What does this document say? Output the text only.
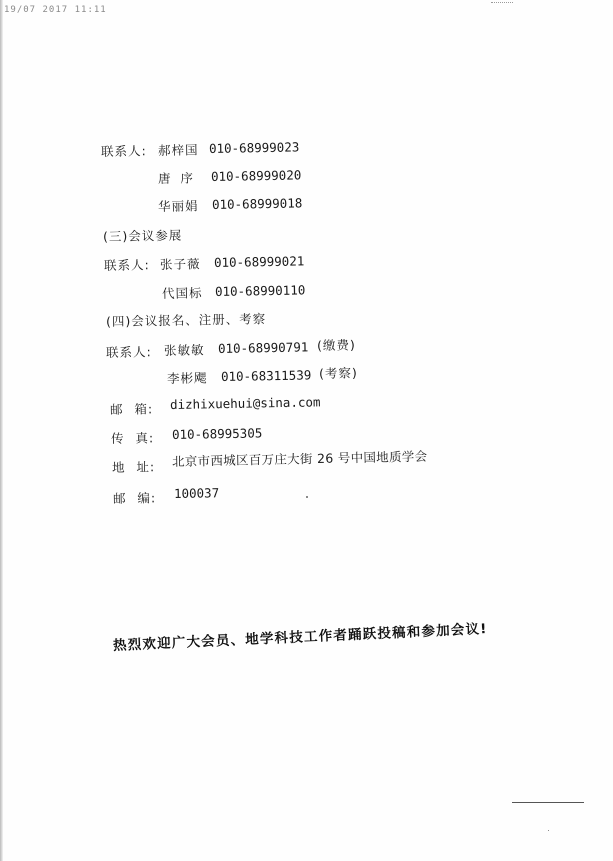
19/07 2017 11:11
联系人: 郝梓国 010-68999023
唐 序 010-68999020
华丽娟 010-68999018
(三)会议参展
联系人: 张子薇 010-68999021
代国标 010-68990110
(四)会议报名、注册、考察
联系人: 张敏敏 010-68990791 (缴费)
李彬飔 010-68311539 (考察)
邮 箱: dizhixuehui@sina.com
传 真: 010-68995305
地 址: 北京市西城区百万庄大街 26 号中国地质学会
邮 编: 100037
热烈欢迎广大会员、地学科技工作者踊跃投稿和参加会议!
